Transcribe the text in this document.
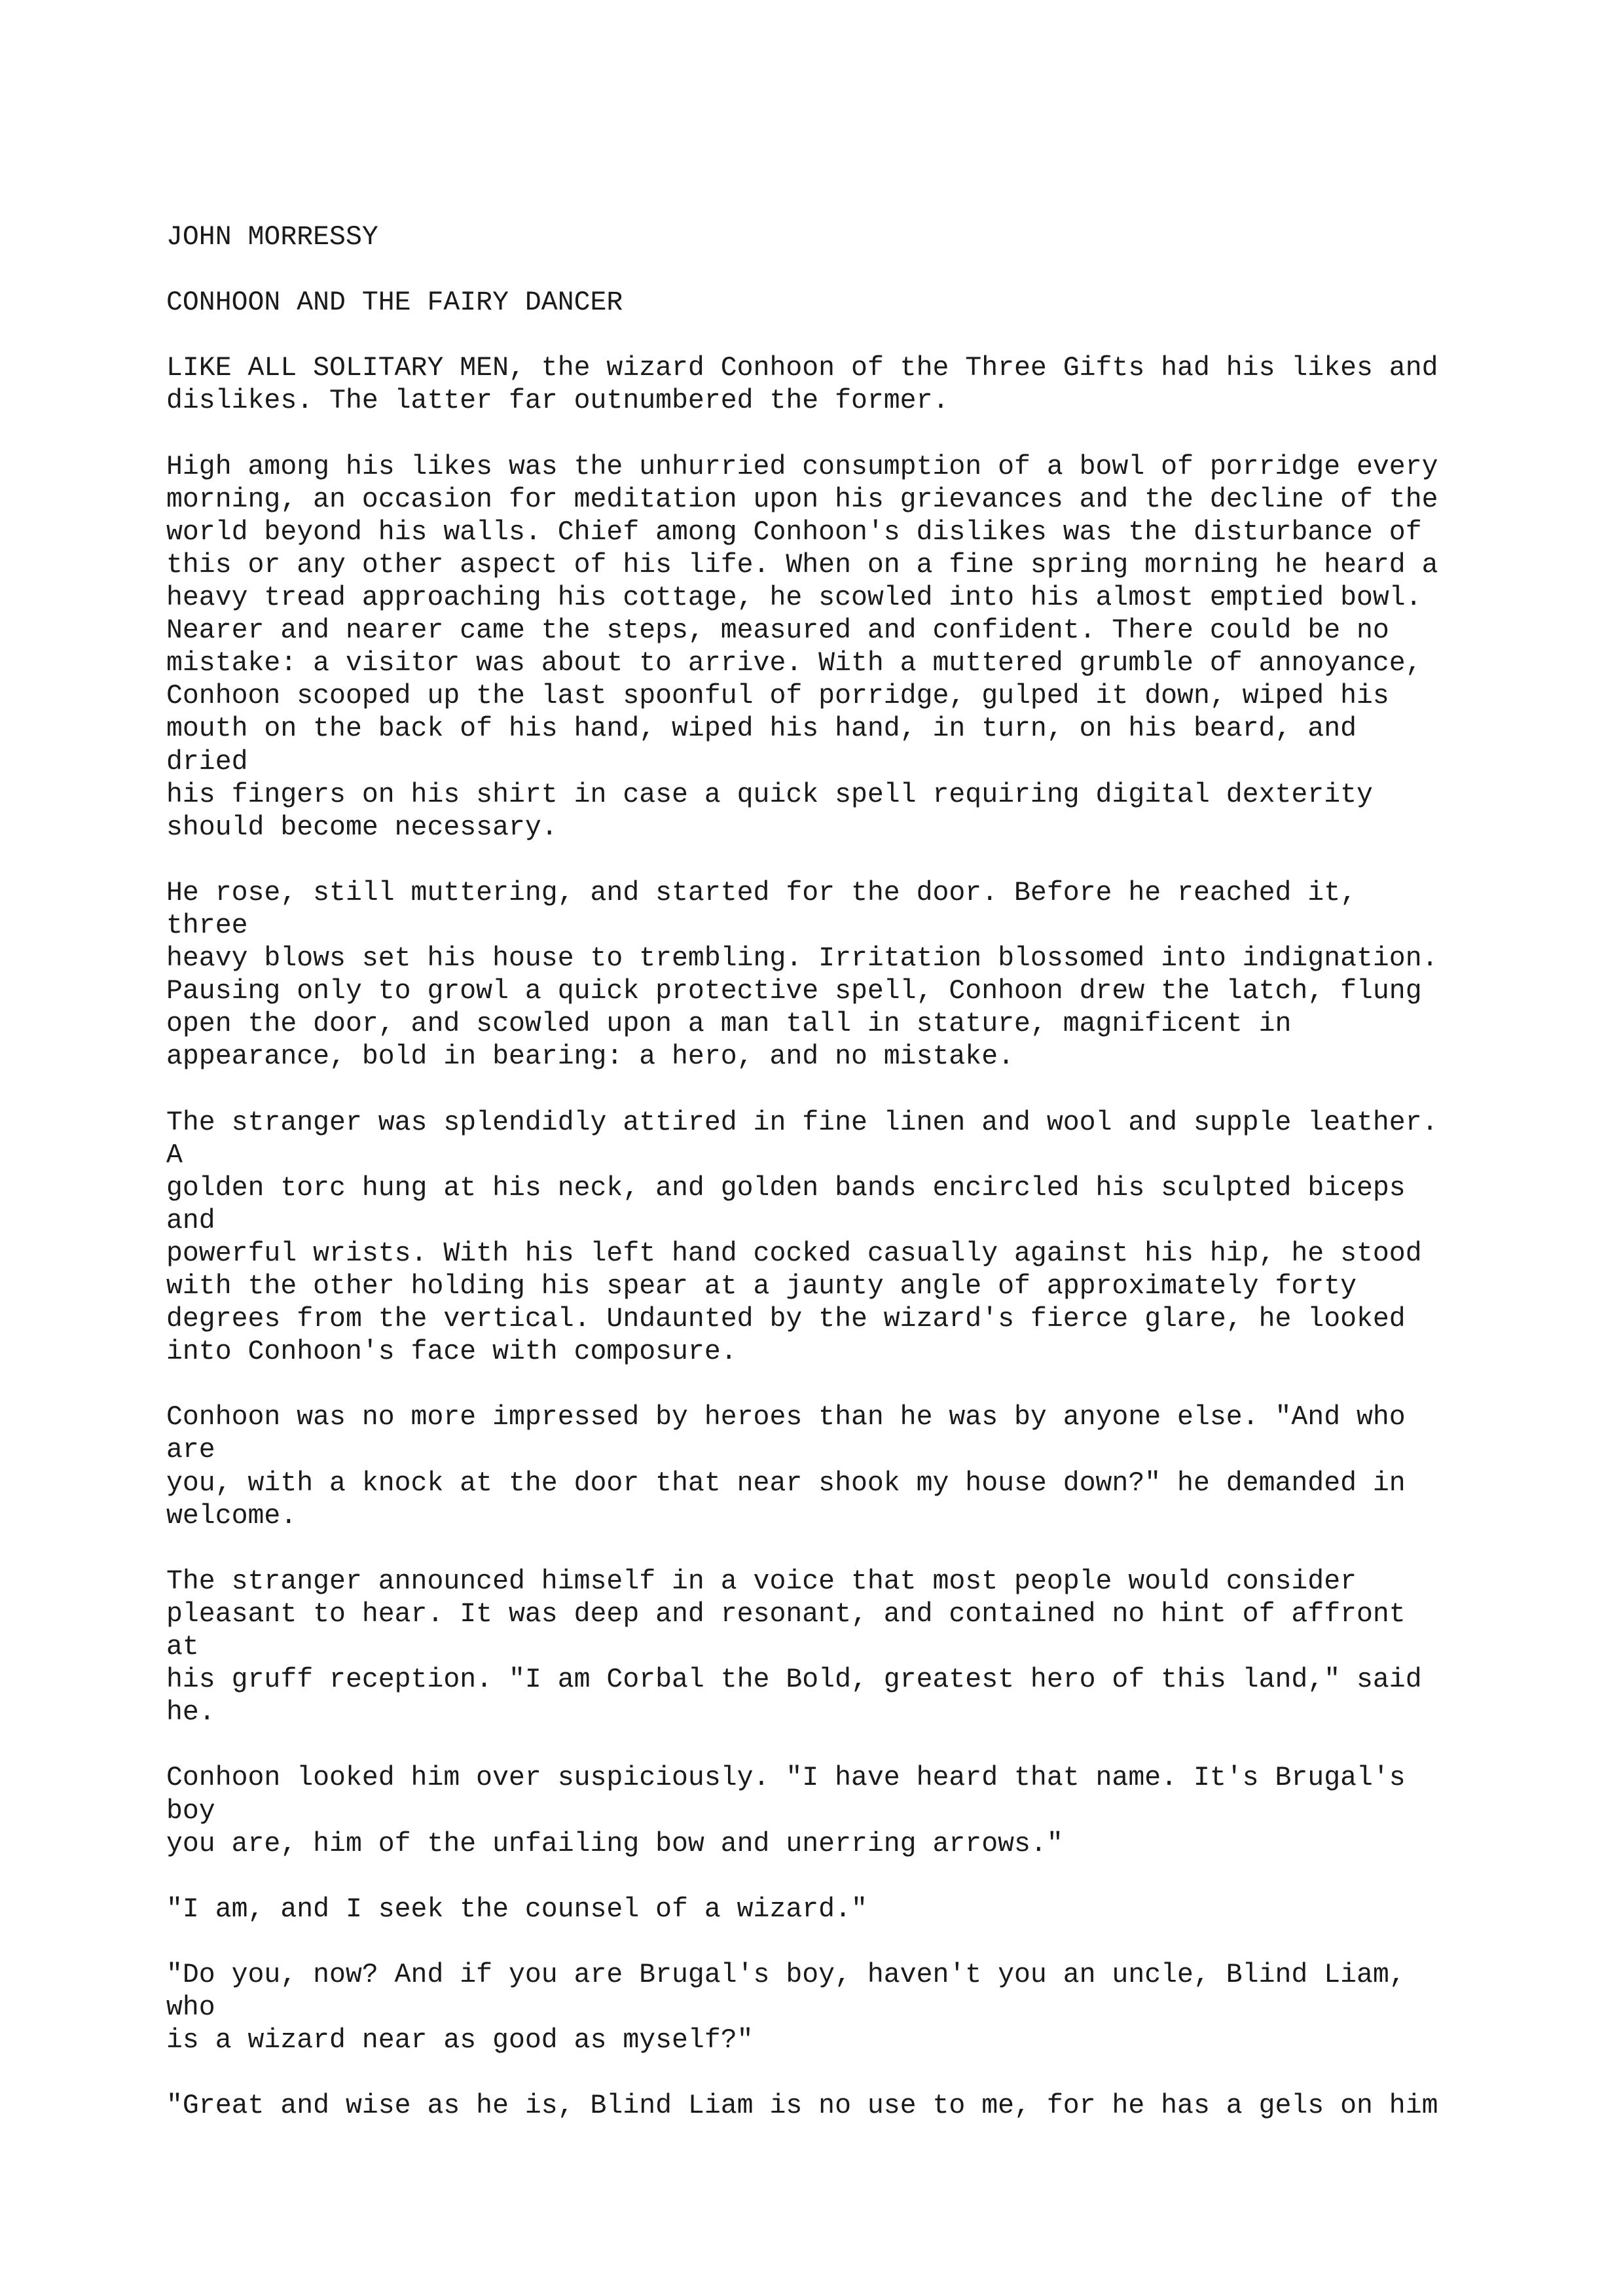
JOHN MORRESSY

CONHOON AND THE FAIRY DANCER

LIKE ALL SOLITARY MEN, the wizard Conhoon of the Three Gifts had his likes and
dislikes. The latter far outnumbered the former.

High among his likes was the unhurried consumption of a bowl of porridge every
morning, an occasion for meditation upon his grievances and the decline of the
world beyond his walls. Chief among Conhoon's dislikes was the disturbance of
this or any other aspect of his life. When on a fine spring morning he heard a
heavy tread approaching his cottage, he scowled into his almost emptied bowl.
Nearer and nearer came the steps, measured and confident. There could be no
mistake: a visitor was about to arrive. With a muttered grumble of annoyance,
Conhoon scooped up the last spoonful of porridge, gulped it down, wiped his
mouth on the back of his hand, wiped his hand, in turn, on his beard, and
dried
his fingers on his shirt in case a quick spell requiring digital dexterity
should become necessary.

He rose, still muttering, and started for the door. Before he reached it,
three
heavy blows set his house to trembling. Irritation blossomed into indignation.
Pausing only to growl a quick protective spell, Conhoon drew the latch, flung
open the door, and scowled upon a man tall in stature, magnificent in
appearance, bold in bearing: a hero, and no mistake.

The stranger was splendidly attired in fine linen and wool and supple leather.
A
golden torc hung at his neck, and golden bands encircled his sculpted biceps
and
powerful wrists. With his left hand cocked casually against his hip, he stood
with the other holding his spear at a jaunty angle of approximately forty
degrees from the vertical. Undaunted by the wizard's fierce glare, he looked
into Conhoon's face with composure.

Conhoon was no more impressed by heroes than he was by anyone else. "And who
are
you, with a knock at the door that near shook my house down?" he demanded in
welcome.

The stranger announced himself in a voice that most people would consider
pleasant to hear. It was deep and resonant, and contained no hint of affront
at
his gruff reception. "I am Corbal the Bold, greatest hero of this land," said
he.

Conhoon looked him over suspiciously. "I have heard that name. It's Brugal's
boy
you are, him of the unfailing bow and unerring arrows."

"I am, and I seek the counsel of a wizard."

"Do you, now? And if you are Brugal's boy, haven't you an uncle, Blind Liam,
who
is a wizard near as good as myself?"

"Great and wise as he is, Blind Liam is no use to me, for he has a gels on him
